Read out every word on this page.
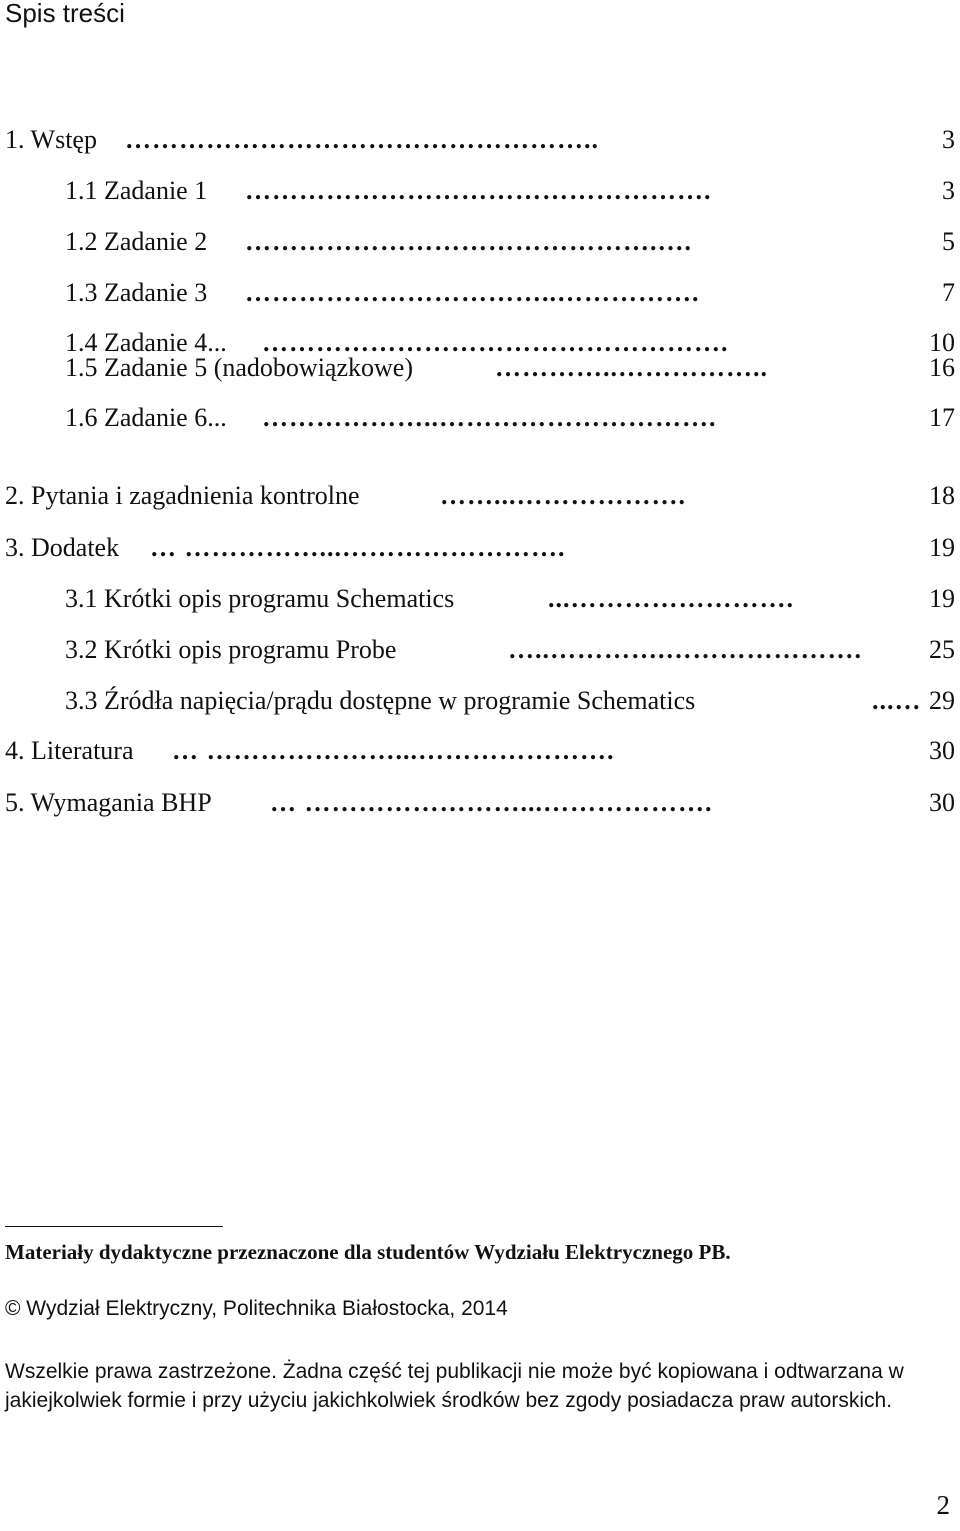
Spis treści
1. Wstęp ……………………………………………..	3
1.1 Zadanie 1 …………………………………………….	3
1.2 Zadanie 2 ……………………………………….….	5
1.3 Zadanie 3 ……………………………..…………….	7
1.4 Zadanie 4... …………………………………………….	10
1.5 Zadanie 5 (nadobowiązkowe)	…………..……………..	16
1.6 Zadanie 6... ………………..………………………….	17
2. Pytania i zagadnienia kontrolne	……...……………….	18
3. Dodatek … ……………...…………………….	19
3.1 Krótki opis programu Schematics	...…………………….	19
3.2 Krótki opis programu Probe	…..………….………………….	25
3.3 Źródła napięcia/prądu dostępne w programie Schematics	...… 29
4. Literatura … …………………...………………….	30
5. Wymagania BHP … ……………………...……………….	30
Materiały dydaktyczne przeznaczone dla studentów Wydziału Elektrycznego PB.
© Wydział Elektryczny, Politechnika Białostocka, 2014
Wszelkie prawa zastrzeżone. Żadna część tej publikacji nie może być kopiowana i odtwarzana w jakiejkolwiek formie i przy użyciu jakichkolwiek środków bez zgody posiadacza praw autorskich.
2
